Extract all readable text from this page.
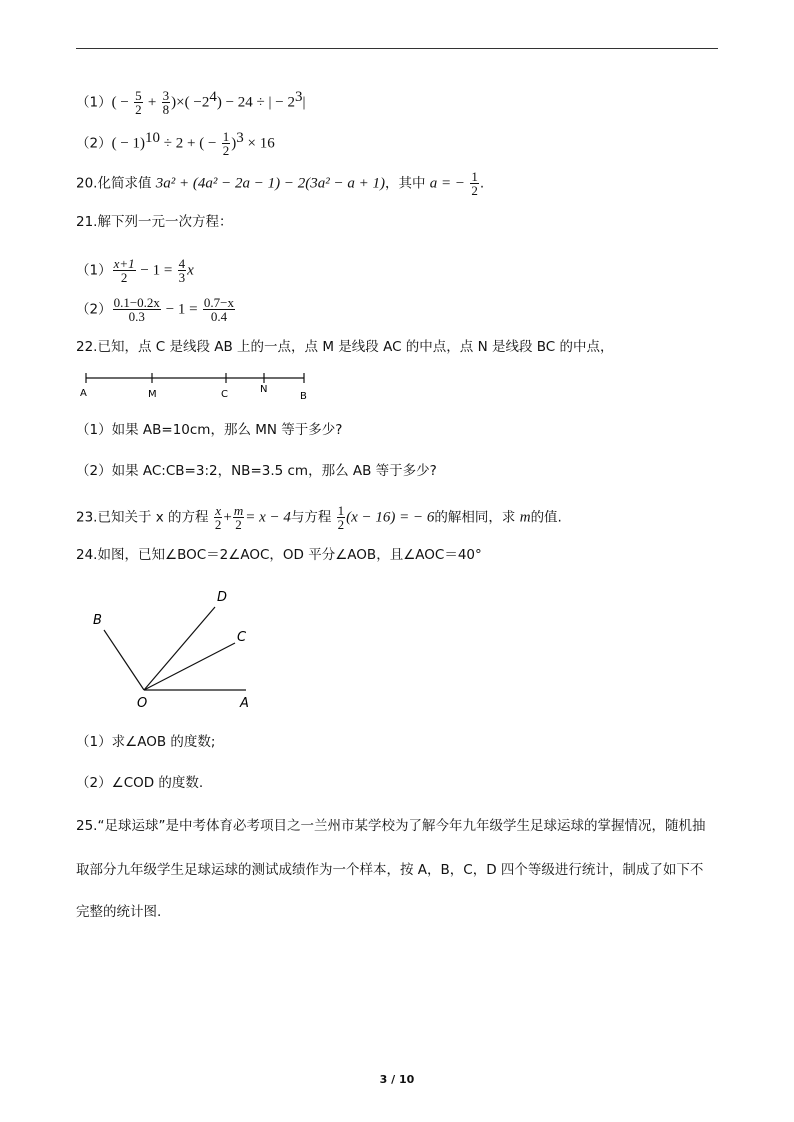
$(1)( - \frac{5}{2} + \frac{3}{8}$ )×( $-2^4) - 24$ ÷ | − $2^3|$
$(2)( - 1)^{10} \div 2$ + ( − $\frac{1}{2} )^3 \times 16$
20.化简求值 3a² + (4a² − 2a − 1) − 2(3a² − a + 1)，其中 a = − $\frac{1}{2}$ .
21.解下列一元一次方程：
$(1) \frac{x+1}{2} - 1 = \frac{4}{3}$ x
$(2) \frac{0.1-0.2x}{0.3} - 1 = \frac{0.7-x}{0.4}$
22.已知，点 C 是线段 AB 上的一点，点 M 是线段 AC 的中点，点 N 是线段 BC 的中点，
A	M	C	N
B
（1）如果 AB=10cm，那么 MN 等于多少?
（2）如果 AC:CB=3:2，NB=3.5 cm，那么 AB 等于多少?
23.已知关于 x 的方程 $\frac{x}{2} + \frac{m}{2} = x - 4$与方程 $\frac{1}{2} (x - 16)$ = − 6的解相同，求 m的值.
24.如图，已知∠BOC＝2∠AOC，OD 平分∠AOB，且∠AOC＝40°
B
D
C
O	A
（1）求∠AOB 的度数;
（2）∠COD 的度数.
25.“足球运球”是中考体育必考项目之一兰州市某学校为了解今年九年级学生足球运球的掌握情况，随机抽
取部分九年级学生足球运球的测试成绩作为一个样本，按 A，B，C，D 四个等级进行统计，制成了如下不
完整的统计图.
3 / 10
